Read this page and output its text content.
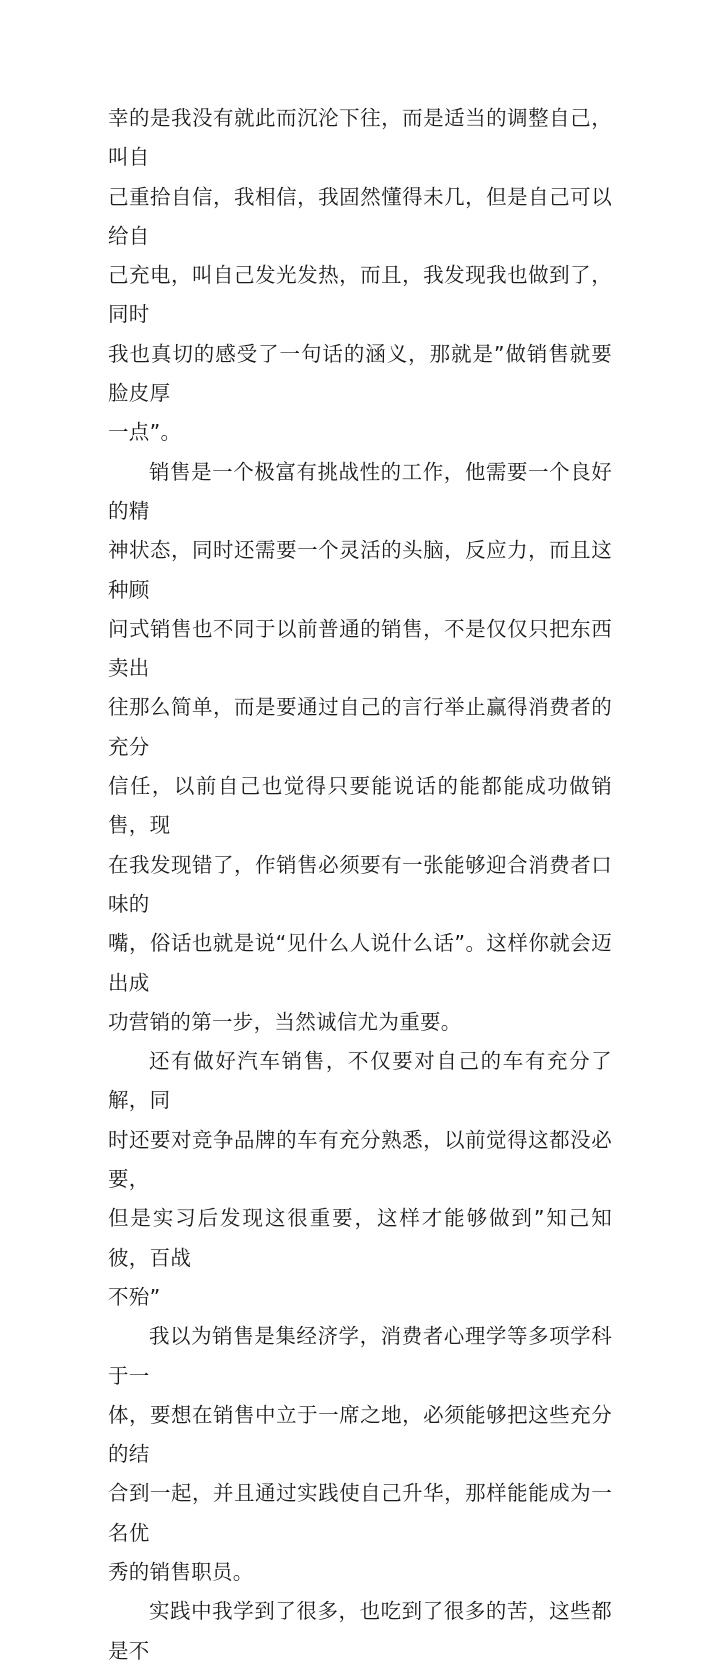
幸的是我没有就此而沉沦下往，而是适当的调整自己，叫自
己重拾自信，我相信，我固然懂得未几，但是自己可以给自
己充电，叫自己发光发热，而且，我发现我也做到了，同时
我也真切的感受了一句话的涵义，那就是”做销售就要脸皮厚
一点”。
销售是一个极富有挑战性的工作，他需要一个良好的精
神状态，同时还需要一个灵活的头脑，反应力，而且这种顾
问式销售也不同于以前普通的销售，不是仅仅只把东西卖出
往那么简单，而是要通过自己的言行举止赢得消费者的充分
信任，以前自己也觉得只要能说话的能都能成功做销售，现
在我发现错了，作销售必须要有一张能够迎合消费者口味的
嘴，俗话也就是说“见什么人说什么话”。这样你就会迈出成
功营销的第一步，当然诚信尤为重要。
还有做好汽车销售，不仅要对自己的车有充分了解，同
时还要对竞争品牌的车有充分熟悉，以前觉得这都没必要，
但是实习后发现这很重要，这样才能够做到”知己知彼，百战
不殆”
我以为销售是集经济学，消费者心理学等多项学科于一
体，要想在销售中立于一席之地，必须能够把这些充分的结
合到一起，并且通过实践使自己升华，那样能能成为一名优
秀的销售职员。
实践中我学到了很多，也吃到了很多的苦，这些都是不
